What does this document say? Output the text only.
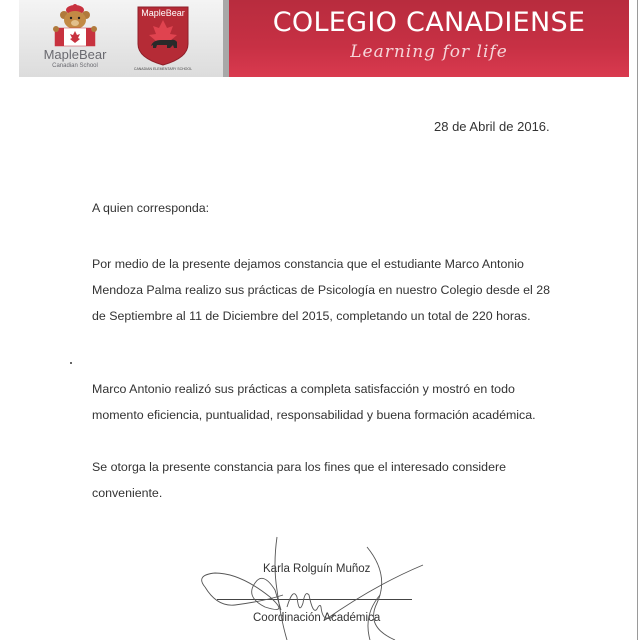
MapleBear
Canadian School
MapleBear
CANADIAN ELEMENTARY SCHOOL
COLEGIO CANADIENSE
Learning for life
28 de Abril de 2016.
A quien corresponda:
Por medio de la presente dejamos constancia que el estudiante Marco Antonio Mendoza Palma realizo sus prácticas de Psicología en nuestro Colegio desde el 28 de Septiembre al 11 de Diciembre del 2015, completando un total de 220 horas.
Marco Antonio realizó sus prácticas a completa satisfacción y mostró en todo momento eficiencia, puntualidad, responsabilidad y buena formación académica.
Se otorga la presente constancia para los fines que el interesado considere conveniente.
Karla Rolguín Muñoz
Coordinación Académica
